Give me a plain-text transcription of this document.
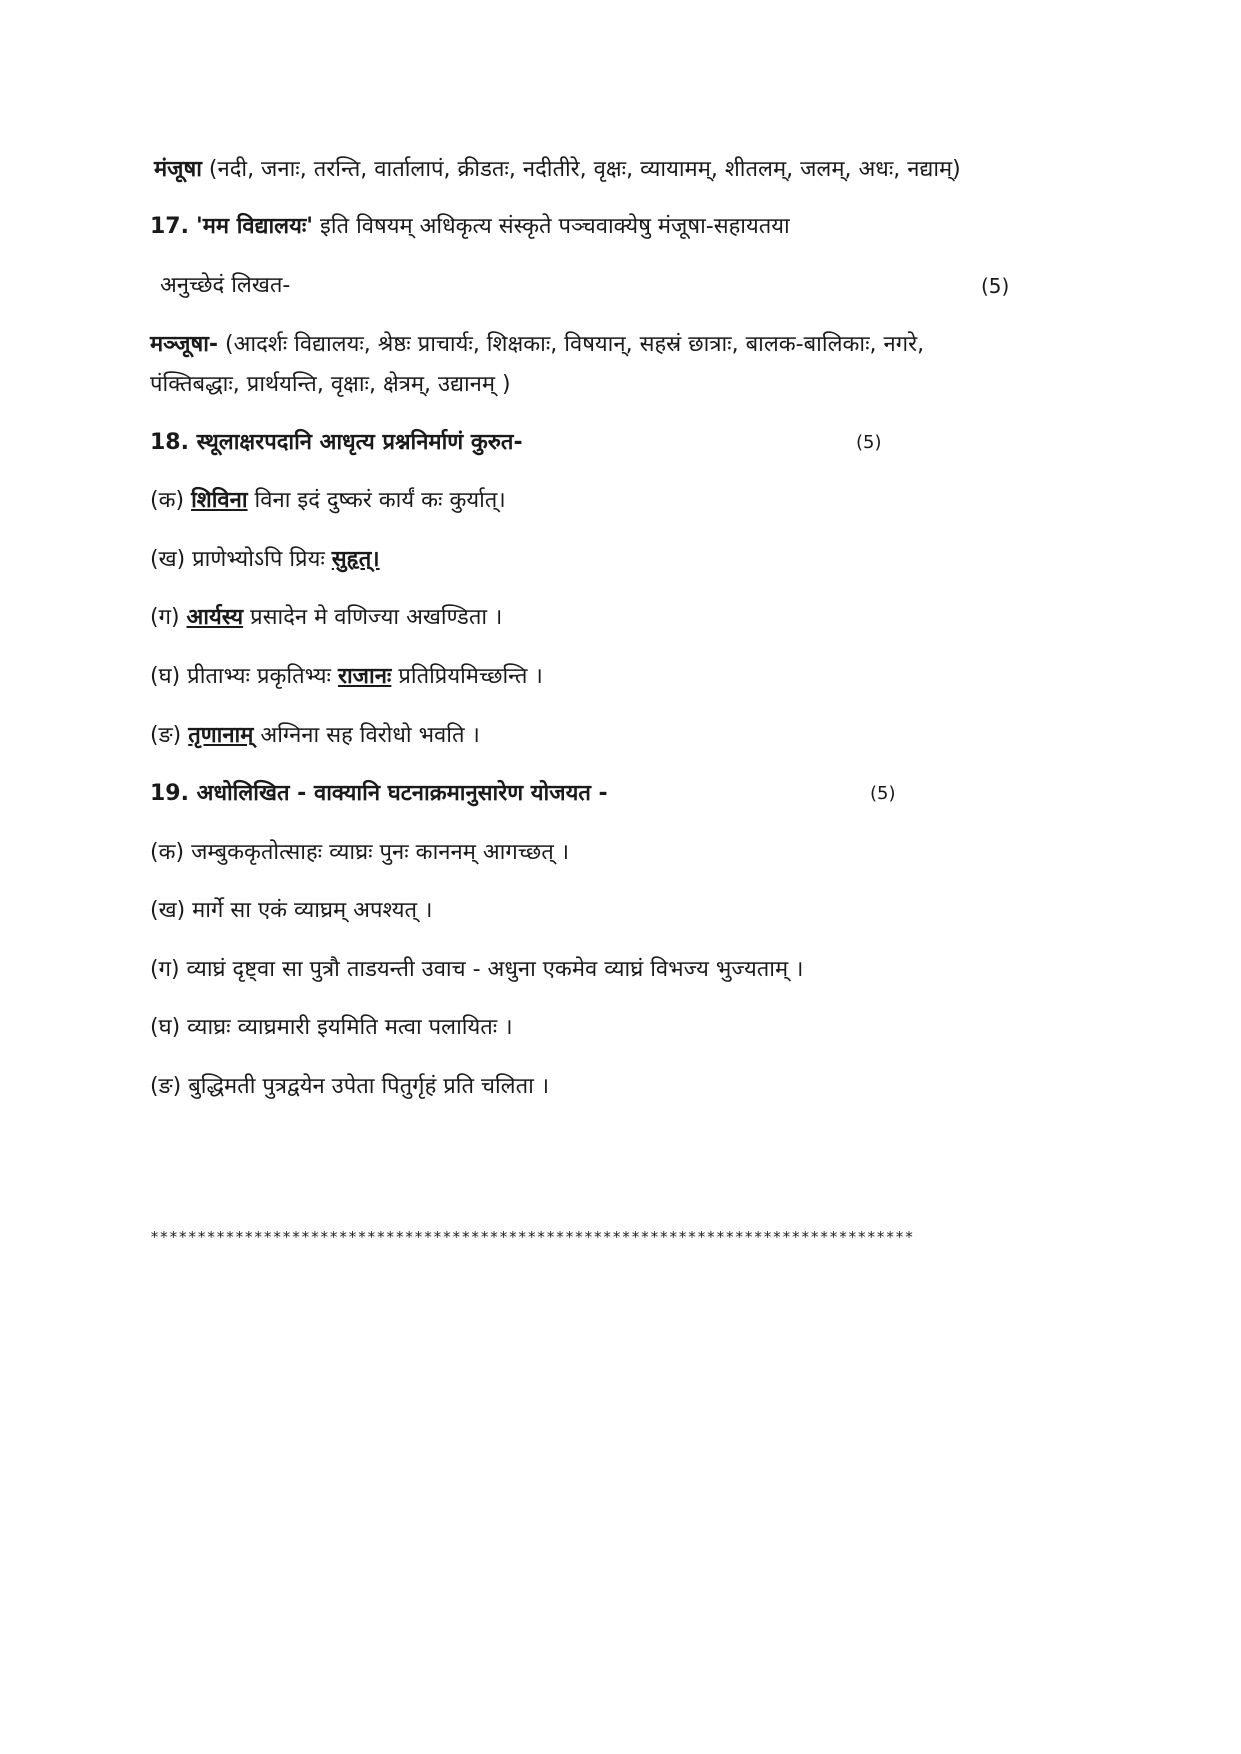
मंजूषा (नदी, जनाः, तरन्ति, वार्तालापं, क्रीडतः, नदीतीरे, वृक्षः, व्यायामम्, शीतलम्, जलम्, अधः, नद्याम्)
17. 'मम विद्यालयः' इति विषयम् अधिकृत्य संस्कृते पञ्चवाक्येषु मंजूषा-सहायतया
अनुच्छेदं लिखत-	(5)
मञ्जूषा- (आदर्शः विद्यालयः, श्रेष्ठः प्राचार्यः, शिक्षकाः, विषयान्, सहस्रं छात्राः, बालक-बालिकाः, नगरे,
पंक्तिबद्धाः, प्रार्थयन्ति, वृक्षाः, क्षेत्रम्, उद्यानम् )
18. स्थूलाक्षरपदानि आधृत्य प्रश्ननिर्माणं कुरुत-	(5)
(क) शिविना विना इदं दुष्करं कार्यं कः कुर्यात्।
(ख) प्राणेभ्योऽपि प्रियः सुहृत्।
(ग) आर्यस्य प्रसादेन मे वणिज्या अखण्डिता ।
(घ) प्रीताभ्यः प्रकृतिभ्यः राजानः प्रतिप्रियमिच्छन्ति ।
(ङ) तृणानाम् अग्निना सह विरोधो भवति ।
19. अधोलिखित - वाक्यानि घटनाक्रमानुसारेण योजयत -	(5)
(क) जम्बुककृतोत्साहः व्याघ्रः पुनः काननम् आगच्छत् ।
(ख) मार्गे सा एकं व्याघ्रम् अपश्यत् ।
(ग) व्याघ्रं दृष्ट्वा सा पुत्रौ ताडयन्ती उवाच - अधुना एकमेव व्याघ्रं विभज्य भुज्यताम् ।
(घ) व्याघ्रः व्याघ्रमारी इयमिति मत्वा पलायितः ।
(ङ) बुद्धिमती पुत्रद्वयेन उपेता पितुर्गृहं प्रति चलिता ।
*********************************************************************************
